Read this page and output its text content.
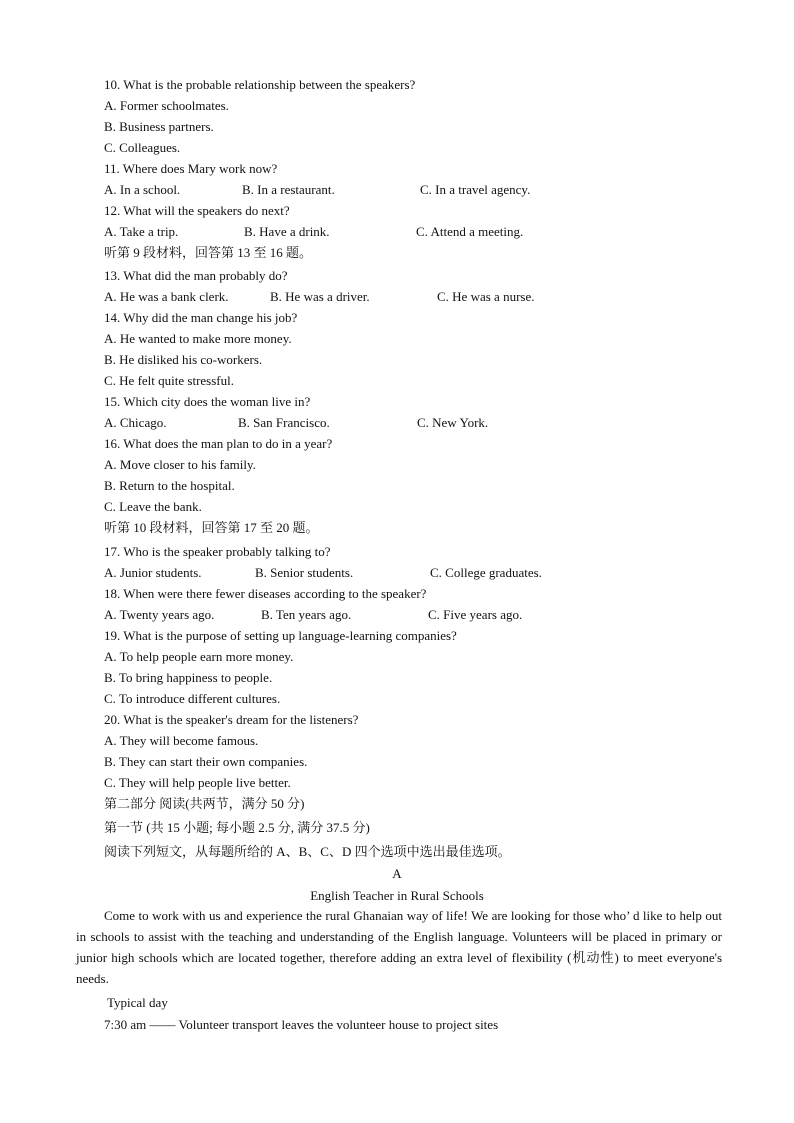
10. What is the probable relationship between the speakers?
A. Former schoolmates.
B. Business partners.
C. Colleagues.
11. Where does Mary work now?

A. In a school.

	B. In a restaurant.

	C. In a travel agency.

12. What will the speakers do next?

A. Take a trip.

	B. Have a drink.

	C. Attend a meeting.

听第 9 段材料，回答第 13 至 16 题。
13. What did the man probably do?

A. He was a bank clerk.

	B. He was a driver.

	C. He was a nurse.

14. Why did the man change his job?
A. He wanted to make more money.
B. He disliked his co-workers.
C. He felt quite stressful.
15. Which city does the woman live in?

A. Chicago.

	B. San Francisco.

	C. New York.

16. What does the man plan to do in a year?
A. Move closer to his family.
B. Return to the hospital.
C. Leave the bank.
听第 10 段材料，回答第 17 至 20 题。
17. Who is the speaker probably talking to?

A. Junior students.

	B. Senior students.

	C. College graduates.

18. When were there fewer diseases according to the speaker?

A. Twenty years ago.

	B. Ten years ago.

	C. Five years ago.

19. What is the purpose of setting up language-learning companies?
A. To help people earn more money.
B. To bring happiness to people.
C. To introduce different cultures.
20. What is the speaker's dream for the listeners?
A. They will become famous.
B. They can start their own companies.
C. They will help people live better.
第二部分 阅读(共两节，满分 50 分)
第一节 (共 15 小题; 每小题 2.5 分, 满分 37.5 分)
阅读下列短文，从每题所给的 A、B、C、D 四个选项中选出最佳选项。
A
English Teacher in Rural Schools
Come to work with us and experience the rural Ghanaian way of life! We are looking for those who’ d like to help out in schools to assist with the teaching and understanding of the English language. Volunteers will be placed in primary or junior high schools which are located together, therefore adding an extra level of flexibility (机动性) to meet everyone's needs.
Typical day
7:30 am —— Volunteer transport leaves the volunteer house to project sites
